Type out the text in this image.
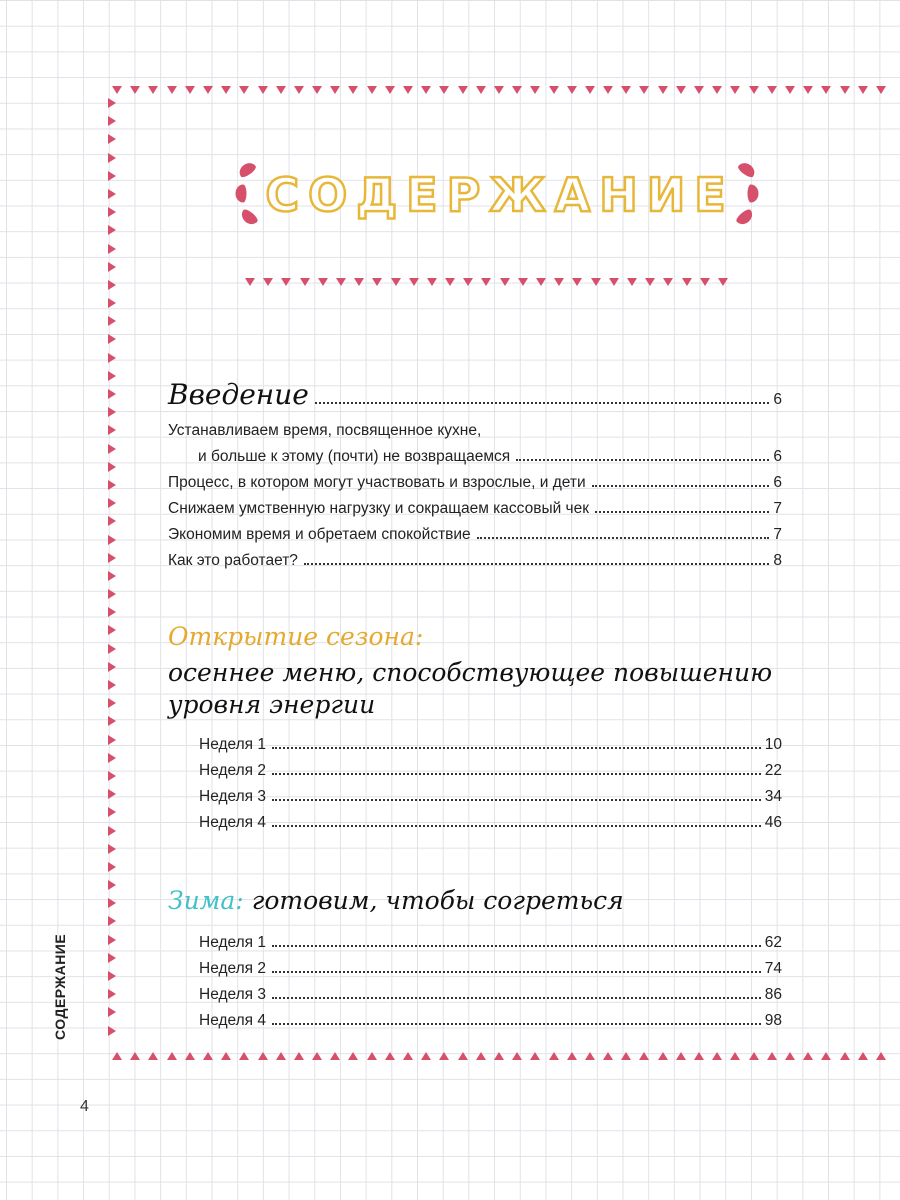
СОДЕРЖАНИЕ
Введение	6
Устанавливаем время, посвященное кухне,
и больше к этому (почти) не возвращаемся	6
Процесс, в котором могут участвовать и взрослые, и дети	6
Снижаем умственную нагрузку и сокращаем кассовый чек	7
Экономим время и обретаем спокойствие	7
Как это работает?	8
Открытие сезона:
осеннее меню, способствующее повышению
уровня энергии
Неделя 1	10
Неделя 2	22
Неделя 3	34
Неделя 4	46
Зима: готовим, чтобы согреться
Неделя 1	62
Неделя 2	74
Неделя 3	86
Неделя 4	98
СОДЕРЖАНИЕ
4
